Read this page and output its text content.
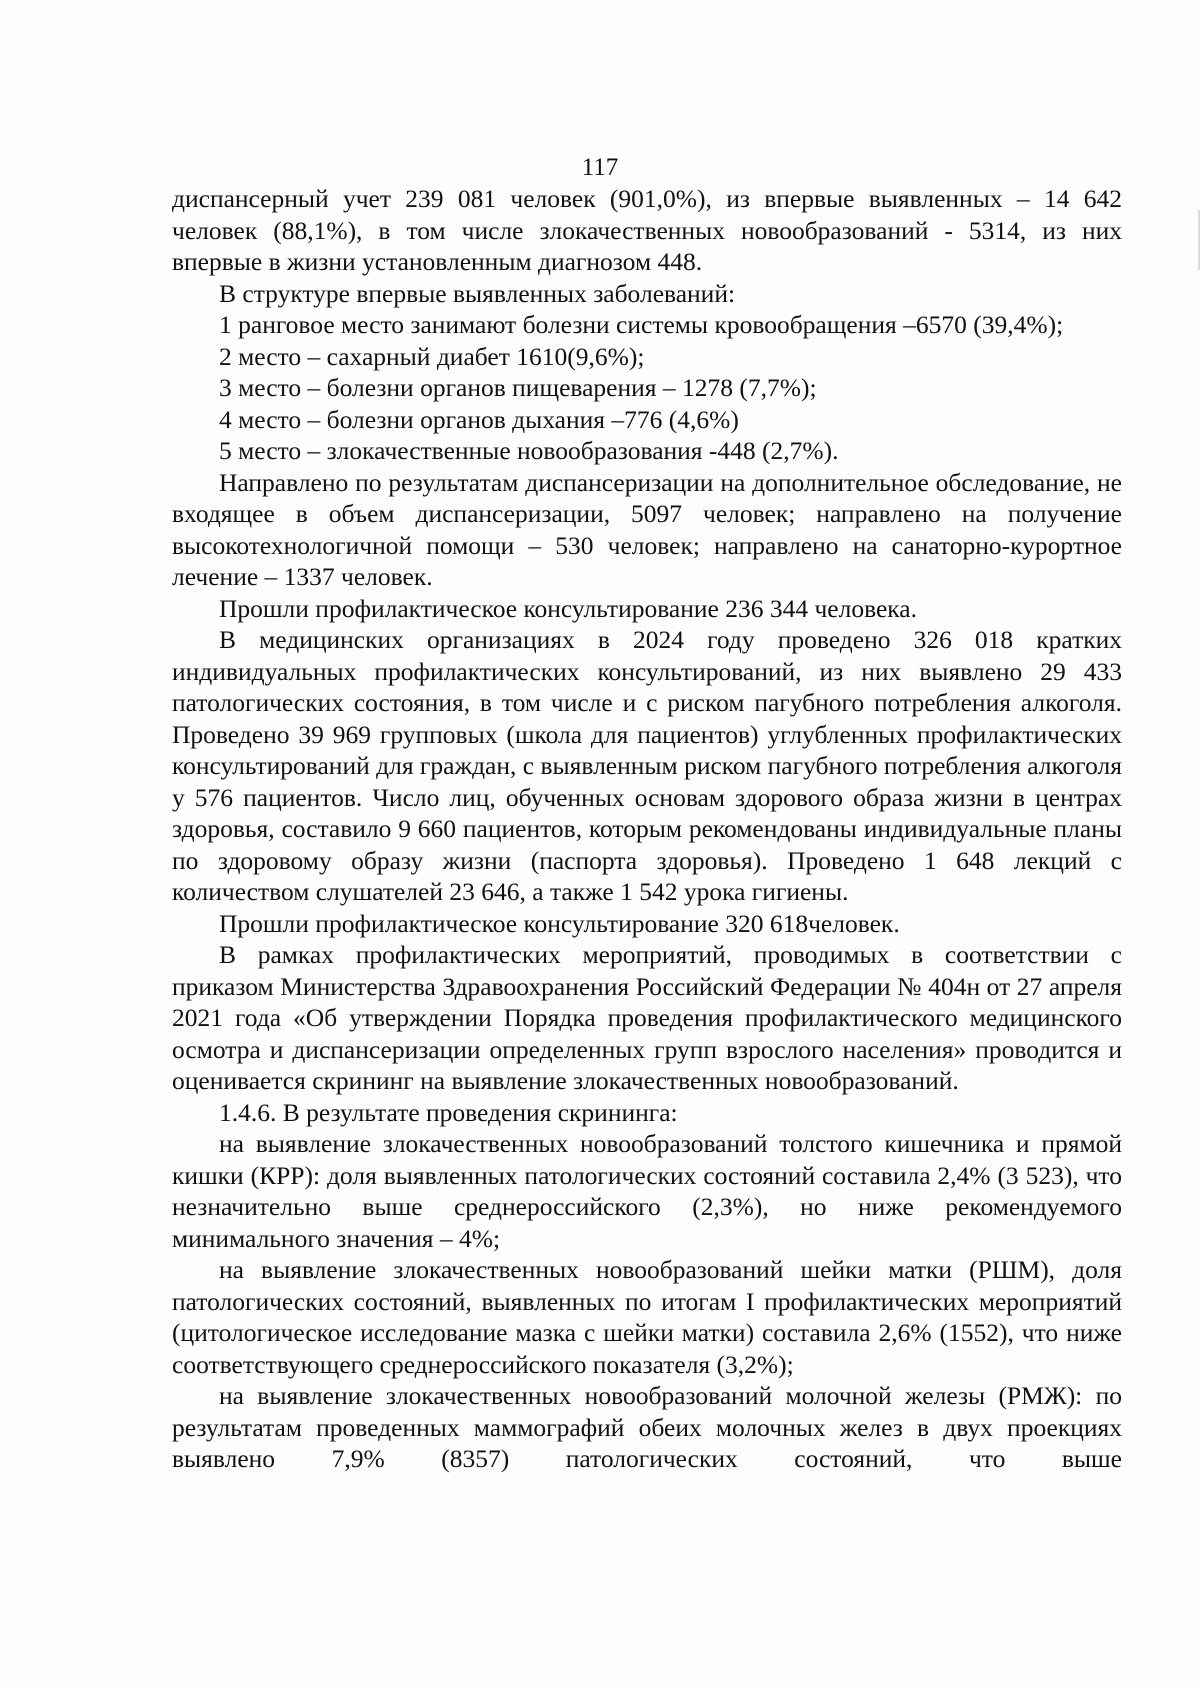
117

диспансерный учет 239 081 человек (901,0%), из впервые выявленных – 14 642 человек (88,1%), в том числе злокачественных новообразований - 5314, из них впервые в жизни установленным диагнозом 448.

В структуре впервые выявленных заболеваний:

1 ранговое место занимают болезни системы кровообращения –6570 (39,4%);

2 место – сахарный диабет 1610(9,6%);

3 место – болезни органов пищеварения – 1278 (7,7%);

4 место – болезни органов дыхания –776 (4,6%)

5 место – злокачественные новообразования -448 (2,7%).

Направлено по результатам диспансеризации на дополнительное обследование, не входящее в объем диспансеризации, 5097 человек; направлено на получение высокотехнологичной помощи – 530 человек; направлено на санаторно-курортное лечение – 1337 человек.

Прошли профилактическое консультирование 236 344 человека.

В медицинских организациях в 2024 году проведено 326 018 кратких индивидуальных профилактических консультирований, из них выявлено 29 433 патологических состояния, в том числе и с риском пагубного потребления алкоголя. Проведено 39 969 групповых (школа для пациентов) углубленных профилактических консультирований для граждан, с выявленным риском пагубного потребления алкоголя у 576 пациентов. Число лиц, обученных основам здорового образа жизни в центрах здоровья, составило 9 660 пациентов, которым рекомендованы индивидуальные планы по здоровому образу жизни (паспорта здоровья). Проведено 1 648 лекций с количеством слушателей 23 646, а также 1 542 урока гигиены.

Прошли профилактическое консультирование 320 618человек.

В рамках профилактических мероприятий, проводимых в соответствии с приказом Министерства Здравоохранения Российский Федерации № 404н от 27 апреля 2021 года «Об утверждении Порядка проведения профилактического медицинского осмотра и диспансеризации определенных групп взрослого населения» проводится и оценивается скрининг на выявление злокачественных новообразований.

1.4.6. В результате проведения скрининга:

на выявление злокачественных новообразований толстого кишечника и прямой кишки (КРР): доля выявленных патологических состояний составила 2,4% (3 523), что незначительно выше среднероссийского (2,3%), но ниже рекомендуемого минимального значения – 4%;

на выявление злокачественных новообразований шейки матки (РШМ), доля патологических состояний, выявленных по итогам I профилактических мероприятий (цитологическое исследование мазка с шейки матки) составила 2,6% (1552), что ниже соответствующего среднероссийского показателя (3,2%);

на выявление злокачественных новообразований молочной железы (РМЖ): по результатам проведенных маммографий обеих молочных желез в двух проекциях выявлено 7,9% (8357) патологических состояний, что выше
